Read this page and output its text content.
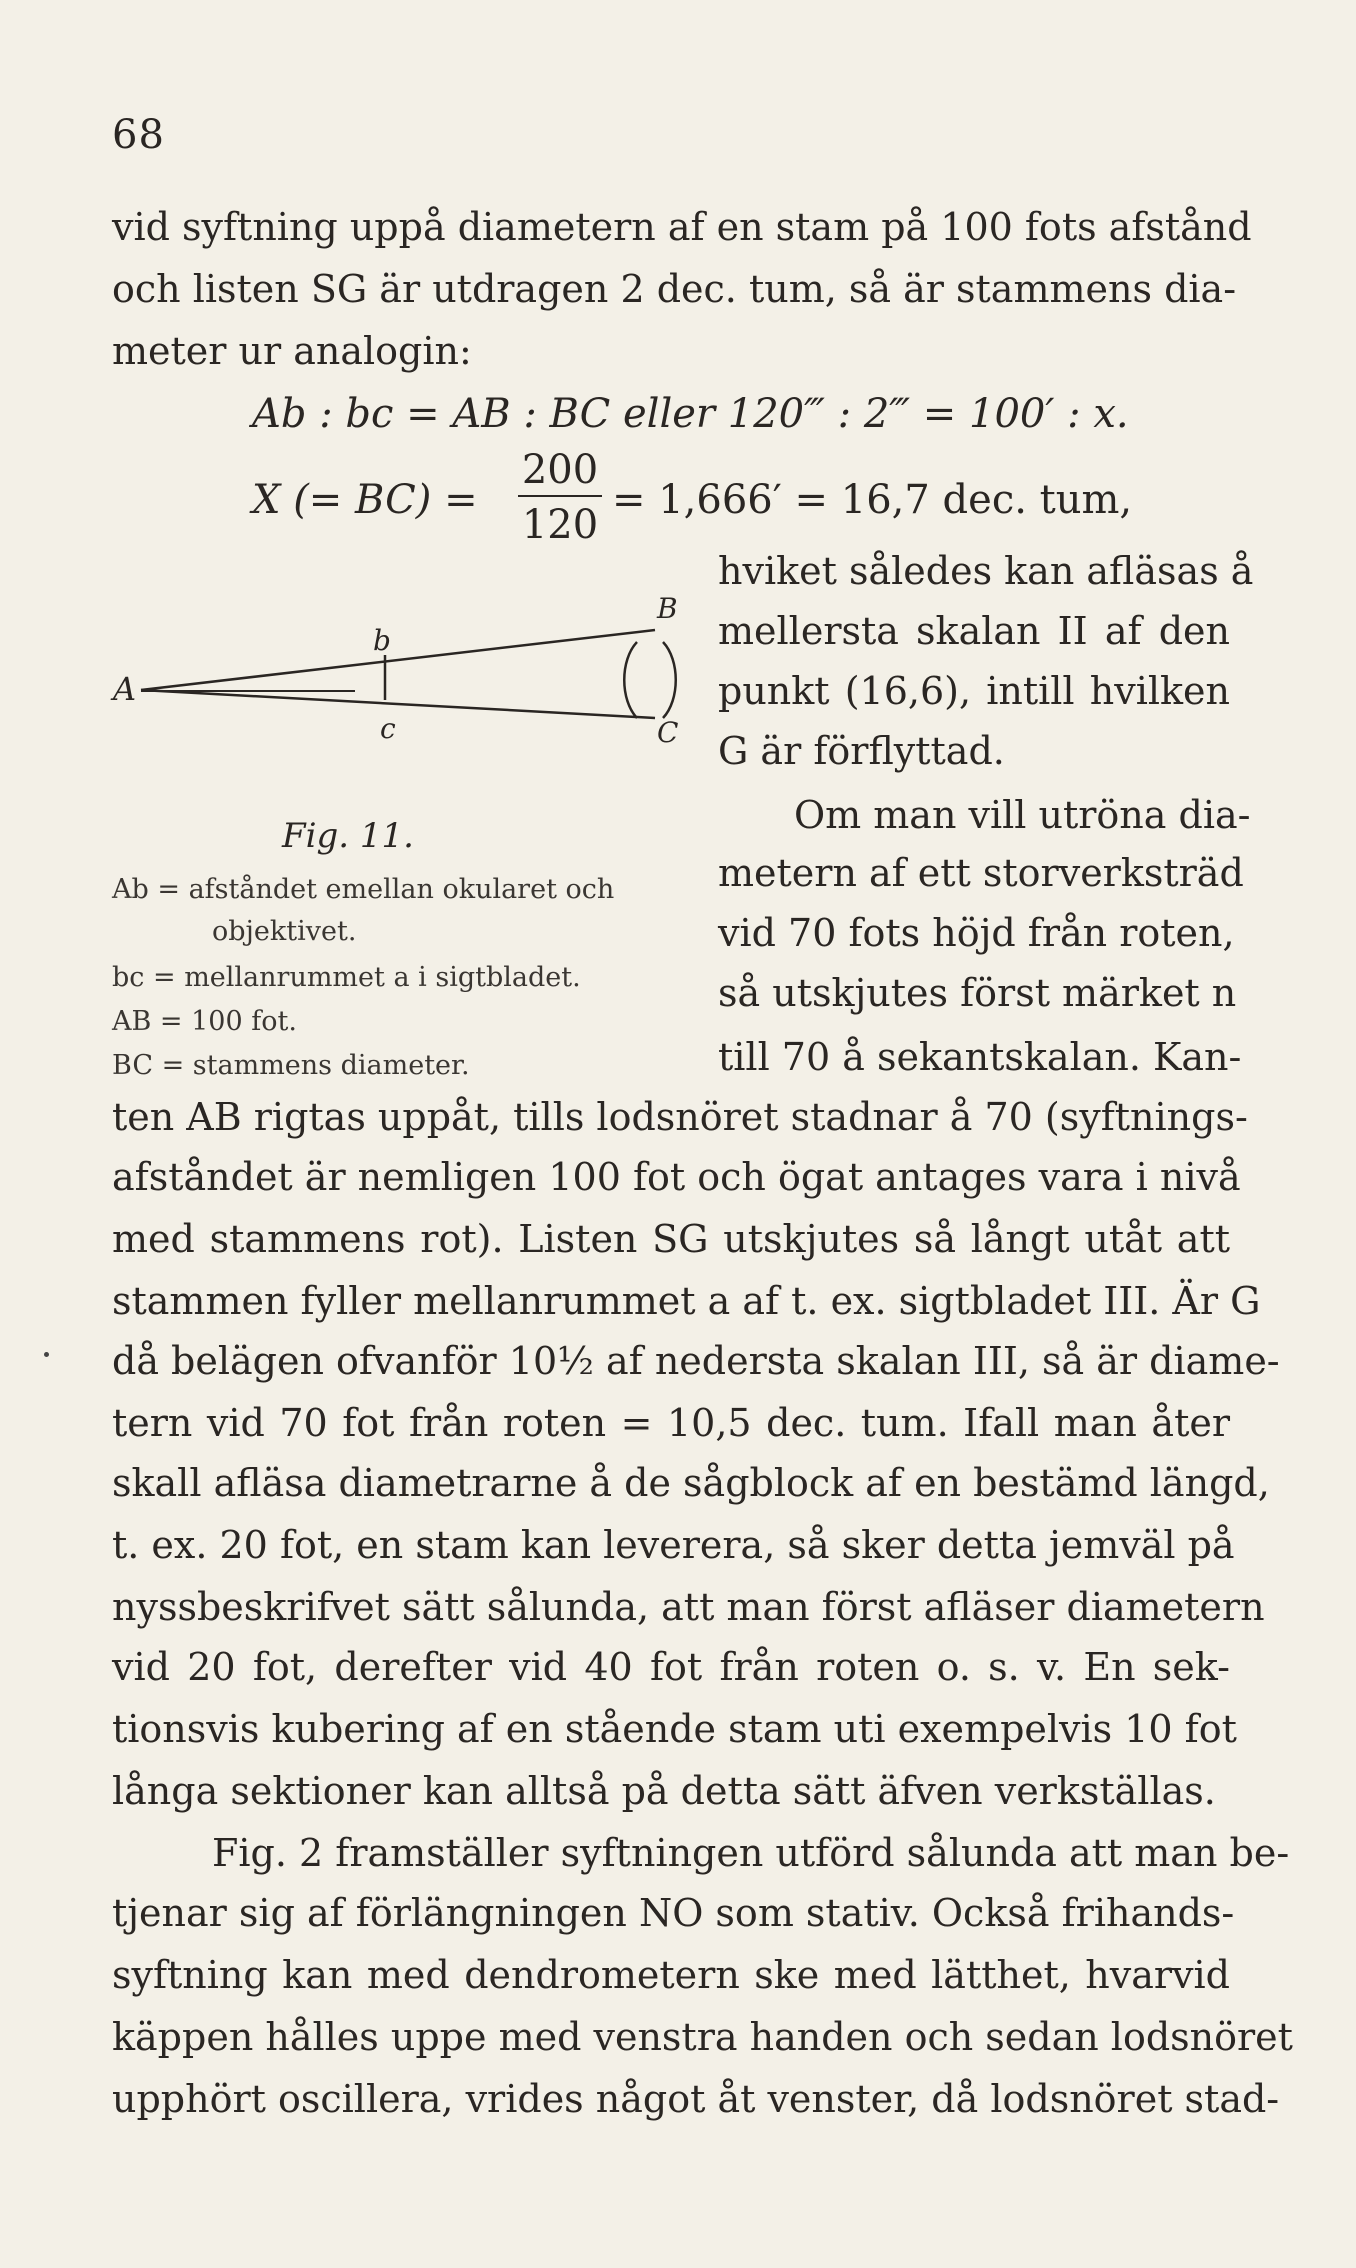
68
vid syftning uppå diametern af en stam på 100 fots afstånd
och listen SG är utdragen 2 dec. tum, så är stammens dia-
meter ur analogin:
Ab : bc = AB : BC eller 120‴ : 2‴ = 100′ : x.
X (= BC) =
200
120
= 1,666′ = 16,7 dec. tum,
hviket således kan afläsas å
mellersta skalan II af den
punkt (16,6), intill hvilken
G är förflyttad.
Om man vill utröna dia-
metern af ett storverksträd
vid 70 fots höjd från roten,
så utskjutes först märket n
till 70 å sekantskalan. Kan-
A
b
c
B
C
Fig. 11.
Ab = afståndet emellan okularet och
objektivet.
bc = mellanrummet a i sigtbladet.
AB = 100 fot.
BC = stammens diameter.
ten AB rigtas uppåt, tills lodsnöret stadnar å 70 (syftnings-
afståndet är nemligen 100 fot och ögat antages vara i nivå
med stammens rot). Listen SG utskjutes så långt utåt att
stammen fyller mellanrummet a af t. ex. sigtbladet III. Är G
då belägen ofvanför 10½ af nedersta skalan III, så är diame-
tern vid 70 fot från roten = 10,5 dec. tum. Ifall man åter
skall afläsa diametrarne å de sågblock af en bestämd längd,
t. ex. 20 fot, en stam kan leverera, så sker detta jemväl på
nyssbeskrifvet sätt sålunda, att man först afläser diametern
vid 20 fot, derefter vid 40 fot från roten o. s. v. En sek-
tionsvis kubering af en stående stam uti exempelvis 10 fot
långa sektioner kan alltså på detta sätt äfven verkställas.
Fig. 2 framställer syftningen utförd sålunda att man be-
tjenar sig af förlängningen NO som stativ. Också frihands-
syftning kan med dendrometern ske med lätthet, hvarvid
käppen hålles uppe med venstra handen och sedan lodsnöret
upphört oscillera, vrides något åt venster, då lodsnöret stad-
